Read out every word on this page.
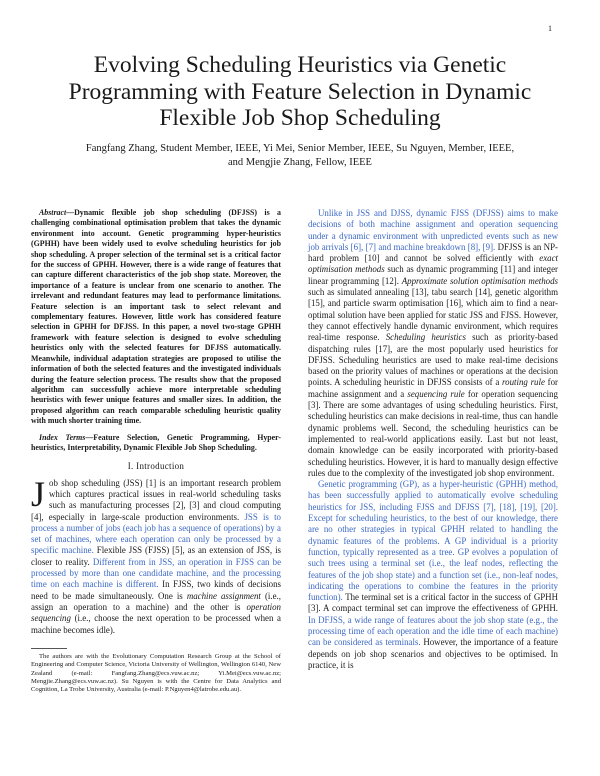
1
Evolving Scheduling Heuristics via Genetic Programming with Feature Selection in Dynamic Flexible Job Shop Scheduling
Fangfang Zhang, Student Member, IEEE, Yi Mei, Senior Member, IEEE, Su Nguyen, Member, IEEE,
and Mengjie Zhang, Fellow, IEEE

Abstract—Dynamic flexible job shop scheduling (DFJSS) is a challenging combinational optimisation problem that takes the dynamic environment into account. Genetic programming hyper-heuristics (GPHH) have been widely used to evolve scheduling heuristics for job shop scheduling. A proper selection of the terminal set is a critical factor for the success of GPHH. However, there is a wide range of features that can capture different characteristics of the job shop state. Moreover, the importance of a feature is unclear from one scenario to another. The irrelevant and redundant features may lead to performance limitations. Feature selection is an important task to select relevant and complementary features. However, little work has considered feature selection in GPHH for DFJSS. In this paper, a novel two-stage GPHH framework with feature selection is designed to evolve scheduling heuristics only with the selected features for DFJSS automatically. Meanwhile, individual adaptation strategies are proposed to utilise the information of both the selected features and the investigated individuals during the feature selection process. The results show that the proposed algorithm can successfully achieve more interpretable scheduling heuristics with fewer unique features and smaller sizes. In addition, the proposed algorithm can reach comparable scheduling heuristic quality with much shorter training time.

Index Terms—Feature Selection, Genetic Programming, Hyper-heuristics, Interpretability, Dynamic Flexible Job Shop Scheduling.

I. Introduction

Job shop scheduling (JSS) [1] is an important research problem which captures practical issues in real-world scheduling tasks such as manufacturing processes [2], [3] and cloud computing [4], especially in large-scale production environments. JSS is to process a number of jobs (each job has a sequence of operations) by a set of machines, where each operation can only be processed by a specific machine. Flexible JSS (FJSS) [5], as an extension of JSS, is closer to reality. Different from in JSS, an operation in FJSS can be processed by more than one candidate machine, and the processing time on each machine is different. In FJSS, two kinds of decisions need to be made simultaneously. One is machine assignment (i.e., assign an operation to a machine) and the other is operation sequencing (i.e., choose the next operation to be processed when a machine becomes idle).

The authors are with the Evolutionary Computation Research Group at the School of Engineering and Computer Science, Victoria University of Wellington, Wellington 6140, New Zealand (e-mail: Fangfang.Zhang@ecs.vuw.ac.nz; Yi.Mei@ecs.vuw.ac.nz; Mengjie.Zhang@ecs.vuw.ac.nz). Su Nguyen is with the Centre for Data Analytics and Cognition, La Trobe University, Australia (e-mail: P.Nguyen4@latrobe.edu.au).

Unlike in JSS and DJSS, dynamic FJSS (DFJSS) aims to make decisions of both machine assignment and operation sequencing under a dynamic environment with unpredicted events such as new job arrivals [6], [7] and machine breakdown [8], [9]. DFJSS is an NP-hard problem [10] and cannot be solved efficiently with exact optimisation methods such as dynamic programming [11] and integer linear programming [12]. Approximate solution optimisation methods such as simulated annealing [13], tabu search [14], genetic algorithm [15], and particle swarm optimisation [16], which aim to find a near-optimal solution have been applied for static JSS and FJSS. However, they cannot effectively handle dynamic environment, which requires real-time response. Scheduling heuristics such as priority-based dispatching rules [17], are the most popularly used heuristics for DFJSS. Scheduling heuristics are used to make real-time decisions based on the priority values of machines or operations at the decision points. A scheduling heuristic in DFJSS consists of a routing rule for machine assignment and a sequencing rule for operation sequencing [3]. There are some advantages of using scheduling heuristics. First, scheduling heuristics can make decisions in real-time, thus can handle dynamic problems well. Second, the scheduling heuristics can be implemented to real-world applications easily. Last but not least, domain knowledge can be easily incorporated with priority-based scheduling heuristics. However, it is hard to manually design effective rules due to the complexity of the investigated job shop environment.

Genetic programming (GP), as a hyper-heuristic (GPHH) method, has been successfully applied to automatically evolve scheduling heuristics for JSS, including FJSS and DFJSS [7], [18], [19], [20]. Except for scheduling heuristics, to the best of our knowledge, there are no other strategies in typical GPHH related to handling the dynamic features of the problems. A GP individual is a priority function, typically represented as a tree. GP evolves a population of such trees using a terminal set (i.e., the leaf nodes, reflecting the features of the job shop state) and a function set (i.e., non-leaf nodes, indicating the operations to combine the features in the priority function). The terminal set is a critical factor in the success of GPHH [3]. A compact terminal set can improve the effectiveness of GPHH. In DFJSS, a wide range of features about the job shop state (e.g., the processing time of each operation and the idle time of each machine) can be considered as terminals. However, the importance of a feature depends on job shop scenarios and objectives to be optimised. In practice, it is
